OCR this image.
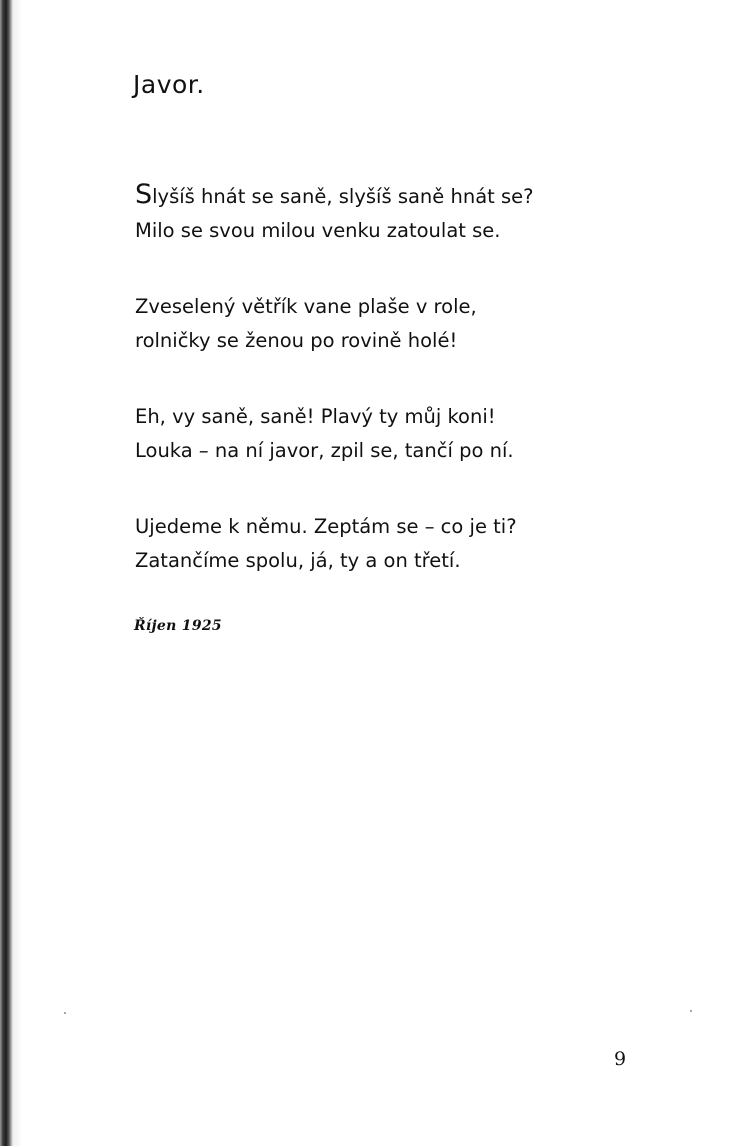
Javor.
Slyšíš hnát se saně, slyšíš saně hnát se?
Milo se svou milou venku zatoulat se.
Zveselený větřík vane plaše v role,
rolničky se ženou po rovině holé!
Eh, vy saně, saně! Plavý ty můj koni!
Louka – na ní javor, zpil se, tančí po ní.
Ujedeme k němu. Zeptám se – co je ti?
Zatančíme spolu, já, ty a on třetí.
Říjen 1925
9
